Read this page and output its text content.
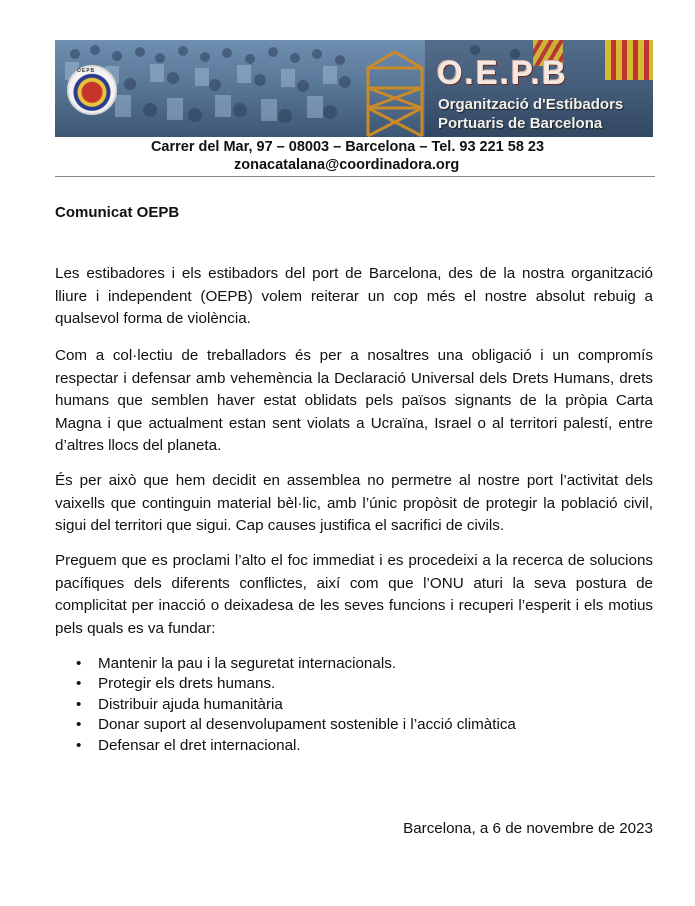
OEPB	O.E.P.B
Organització d'Estibadors
Portuaris de Barcelona
Carrer del Mar, 97 – 08003 – Barcelona – Tel. 93 221 58 23
zonacatalana@coordinadora.org
Comunicat OEPB
Les estibadores i els estibadors del port de Barcelona, des de la nostra organització lliure i independent (OEPB) volem reiterar un cop més el nostre absolut rebuig a qualsevol forma de violència.
Com a col·lectiu de treballadors és per a nosaltres una obligació i un compromís respectar i defensar amb vehemència la Declaració Universal dels Drets Humans, drets humans que semblen haver estat oblidats pels països signants de la pròpia Carta Magna i que actualment estan sent violats a Ucraïna, Israel o al territori palestí, entre d’altres llocs del planeta.
És per això que hem decidit en assemblea no permetre al nostre port l’activitat dels vaixells que continguin material bèl·lic, amb l’únic propòsit de protegir la població civil, sigui del territori que sigui. Cap causes justifica el sacrifici de civils.
Preguem que es proclami l’alto el foc immediat i es procedeixi a la recerca de solucions pacífiques dels diferents conflictes, així com que l’ONU aturi la seva postura de complicitat per inacció o deixadesa de les seves funcions i recuperi l’esperit i els motius pels quals es va fundar:
• Mantenir la pau i la seguretat internacionals.
• Protegir els drets humans.
• Distribuir ajuda humanitària
• Donar suport al desenvolupament sostenible i l’acció climàtica
• Defensar el dret internacional.
Barcelona, a 6 de novembre de 2023
